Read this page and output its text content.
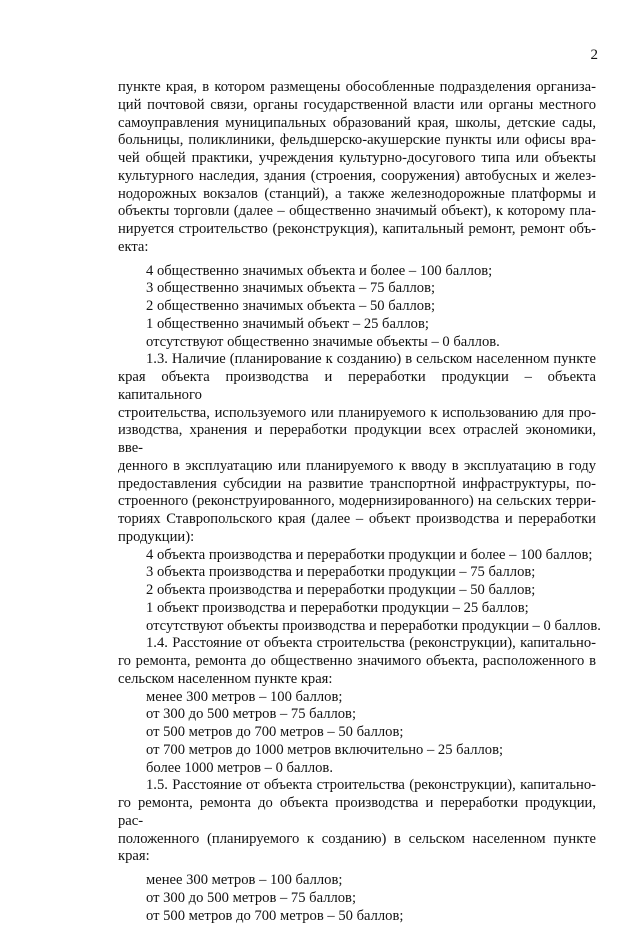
2
пункте края, в котором размещены обособленные подразделения организа-
ций почтовой связи, органы государственной власти или органы местного
самоуправления муниципальных образований края, школы, детские сады,
больницы, поликлиники, фельдшерско-акушерские пункты или офисы вра-
чей общей практики, учреждения культурно-досугового типа или объекты
культурного наследия, здания (строения, сооружения) автобусных и желез-
нодорожных вокзалов (станций), а также железнодорожные платформы и
объекты торговли (далее – общественно значимый объект), к которому пла-
нируется строительство (реконструкция), капитальный ремонт, ремонт объ-
екта:

4 общественно значимых объекта и более – 100 баллов;

3 общественно значимых объекта – 75 баллов;

2 общественно значимых объекта – 50 баллов;

1 общественно значимый объект – 25 баллов;

отсутствуют общественно значимые объекты – 0 баллов.

1.3. Наличие (планирование к созданию) в сельском населенном пункте
края объекта производства и переработки продукции – объекта капитального
строительства, используемого или планируемого к использованию для про-
изводства, хранения и переработки продукции всех отраслей экономики, вве-
денного в эксплуатацию или планируемого к вводу в эксплуатацию в году
предоставления субсидии на развитие транспортной инфраструктуры, по-
строенного (реконструированного, модернизированного) на сельских терри-
ториях Ставропольского края (далее – объект производства и переработки
продукции):

4 объекта производства и переработки продукции и более – 100 баллов;

3 объекта производства и переработки продукции – 75 баллов;

2 объекта производства и переработки продукции – 50 баллов;

1 объект производства и переработки продукции – 25 баллов;

отсутствуют объекты производства и переработки продукции – 0 баллов.

1.4. Расстояние от объекта строительства (реконструкции), капитально-
го ремонта, ремонта до общественно значимого объекта, расположенного в
сельском населенном пункте края:

менее 300 метров – 100 баллов;

от 300 до 500 метров – 75 баллов;

от 500 метров до 700 метров – 50 баллов;

от 700 метров до 1000 метров включительно – 25 баллов;

более 1000 метров – 0 баллов.

1.5. Расстояние от объекта строительства (реконструкции), капитально-
го ремонта, ремонта до объекта производства и переработки продукции, рас-
положенного (планируемого к созданию) в сельском населенном пункте
края:

менее 300 метров – 100 баллов;

от 300 до 500 метров – 75 баллов;

от 500 метров до 700 метров – 50 баллов;
